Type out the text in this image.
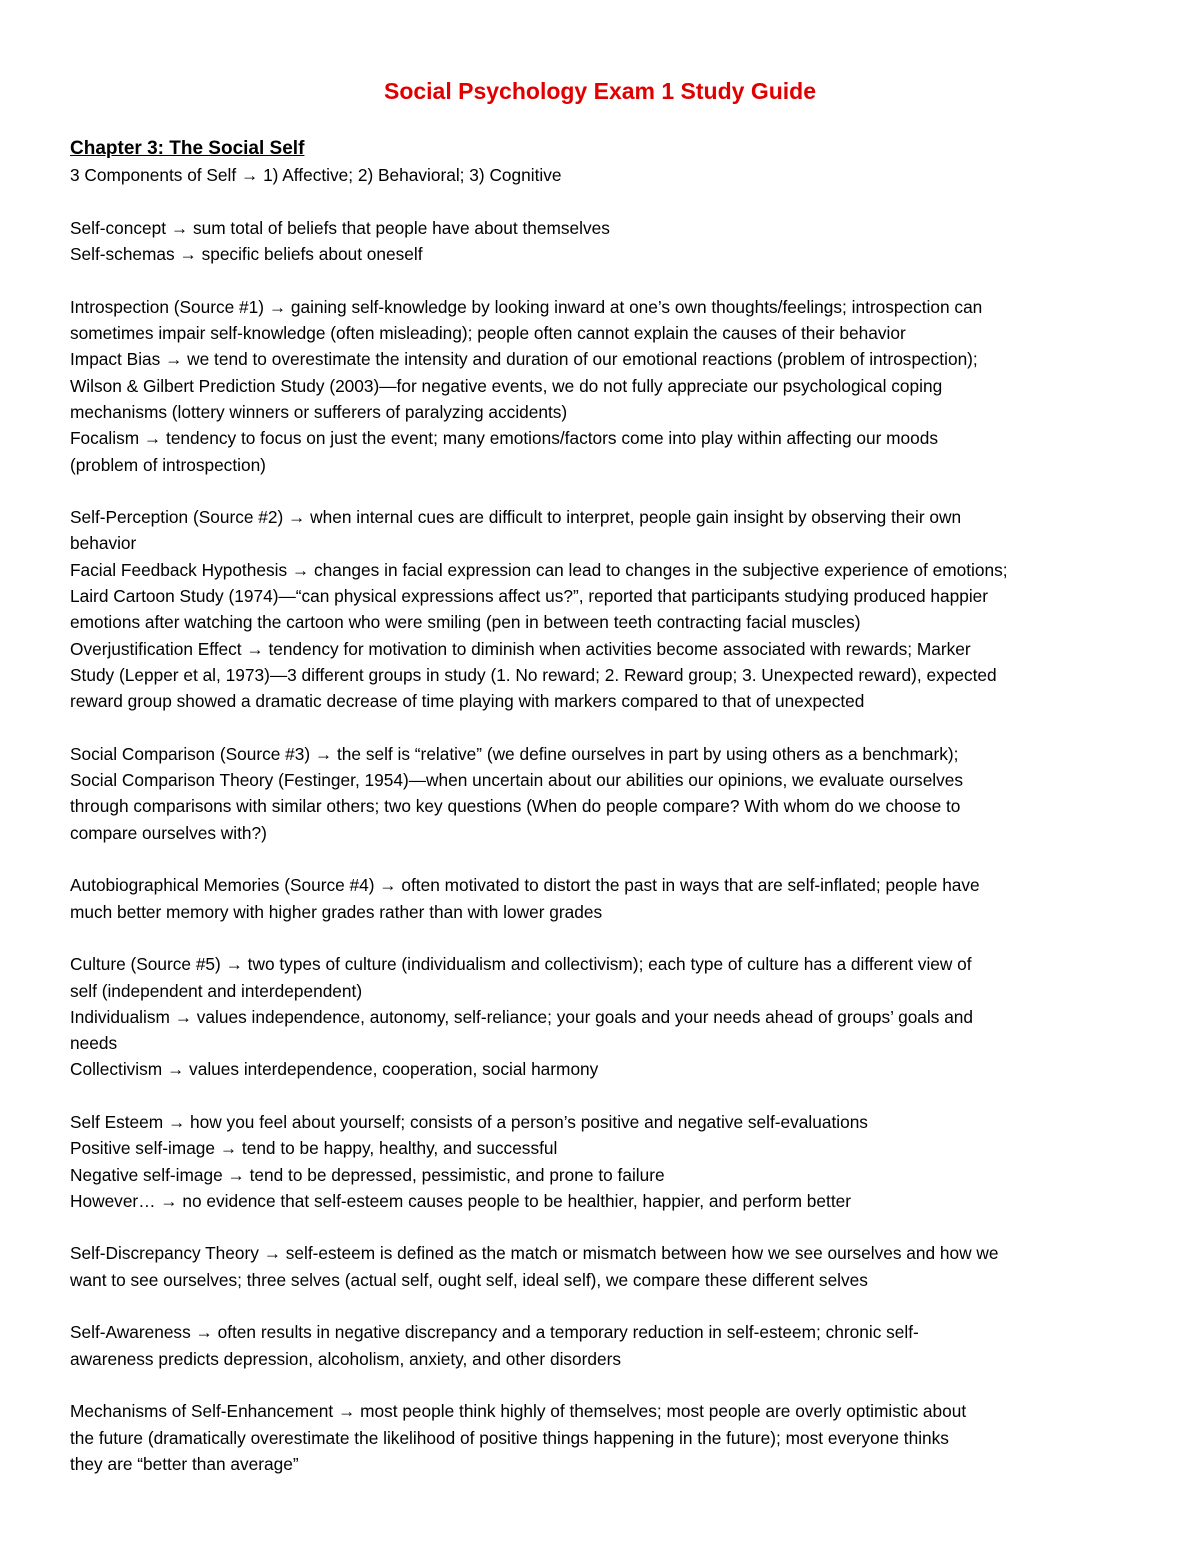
Social Psychology Exam 1 Study Guide
Chapter 3: The Social Self
3 Components of Self → 1) Affective; 2) Behavioral; 3) Cognitive
Self-concept → sum total of beliefs that people have about themselves
Self-schemas → specific beliefs about oneself
Introspection (Source #1) → gaining self-knowledge by looking inward at one’s own thoughts/feelings; introspection can
sometimes impair self-knowledge (often misleading); people often cannot explain the causes of their behavior
Impact Bias → we tend to overestimate the intensity and duration of our emotional reactions (problem of introspection);
Wilson & Gilbert Prediction Study (2003)—for negative events, we do not fully appreciate our psychological coping
mechanisms (lottery winners or sufferers of paralyzing accidents)
Focalism → tendency to focus on just the event; many emotions/factors come into play within affecting our moods
(problem of introspection)
Self-Perception (Source #2) → when internal cues are difficult to interpret, people gain insight by observing their own
behavior
Facial Feedback Hypothesis → changes in facial expression can lead to changes in the subjective experience of emotions;
Laird Cartoon Study (1974)—“can physical expressions affect us?”, reported that participants studying produced happier
emotions after watching the cartoon who were smiling (pen in between teeth contracting facial muscles)
Overjustification Effect → tendency for motivation to diminish when activities become associated with rewards; Marker
Study (Lepper et al, 1973)—3 different groups in study (1. No reward; 2. Reward group; 3. Unexpected reward), expected
reward group showed a dramatic decrease of time playing with markers compared to that of unexpected
Social Comparison (Source #3) → the self is “relative” (we define ourselves in part by using others as a benchmark);
Social Comparison Theory (Festinger, 1954)—when uncertain about our abilities our opinions, we evaluate ourselves
through comparisons with similar others; two key questions (When do people compare? With whom do we choose to
compare ourselves with?)
Autobiographical Memories (Source #4) → often motivated to distort the past in ways that are self-inflated; people have
much better memory with higher grades rather than with lower grades
Culture (Source #5) → two types of culture (individualism and collectivism); each type of culture has a different view of
self (independent and interdependent)
Individualism → values independence, autonomy, self-reliance; your goals and your needs ahead of groups’ goals and
needs
Collectivism → values interdependence, cooperation, social harmony
Self Esteem → how you feel about yourself; consists of a person’s positive and negative self-evaluations
Positive self-image → tend to be happy, healthy, and successful
Negative self-image → tend to be depressed, pessimistic, and prone to failure
However… → no evidence that self-esteem causes people to be healthier, happier, and perform better
Self-Discrepancy Theory → self-esteem is defined as the match or mismatch between how we see ourselves and how we
want to see ourselves; three selves (actual self, ought self, ideal self), we compare these different selves
Self-Awareness → often results in negative discrepancy and a temporary reduction in self-esteem; chronic self-
awareness predicts depression, alcoholism, anxiety, and other disorders
Mechanisms of Self-Enhancement → most people think highly of themselves; most people are overly optimistic about
the future (dramatically overestimate the likelihood of positive things happening in the future); most everyone thinks
they are “better than average”
